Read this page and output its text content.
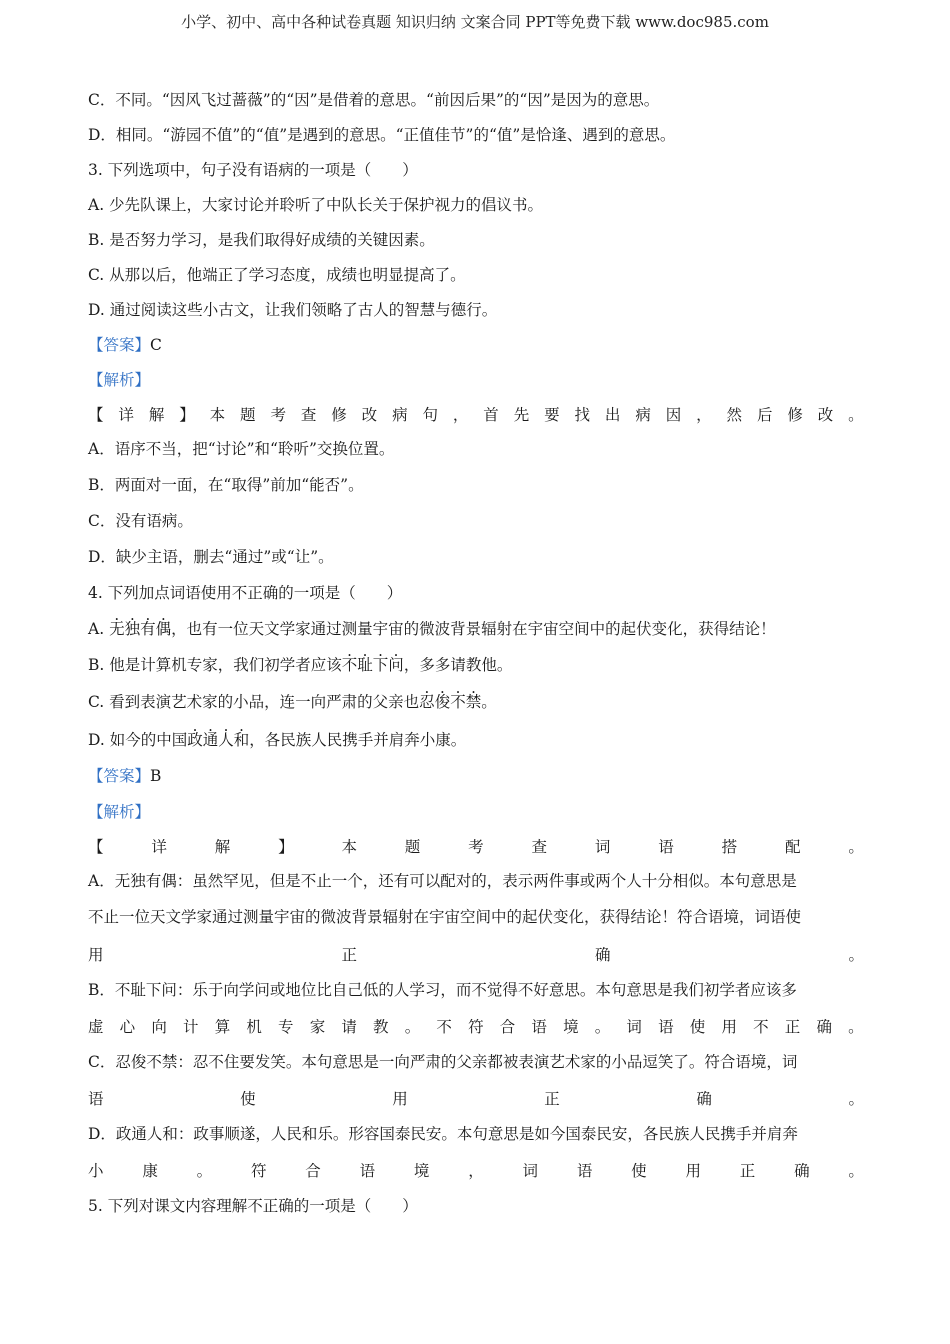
小学、初中、高中各种试卷真题 知识归纳 文案合同 PPT等免费下载 www.doc985.com
C．不同。“因风飞过蔷薇”的“因”是借着的意思。“前因后果”的“因”是因为的意思。
D．相同。“游园不值”的“值”是遇到的意思。“正值佳节”的“值”是恰逢、遇到的意思。
3. 下列选项中，句子没有语病的一项是（　　）
A. 少先队课上，大家讨论并聆听了中队长关于保护视力的倡议书。
B. 是否努力学习，是我们取得好成绩的关键因素。
C. 从那以后，他端正了学习态度，成绩也明显提高了。
D. 通过阅读这些小古文，让我们领略了古人的智慧与德行。
【答案】C
【解析】
【 详 解 】 本 题 考 查 修 改 病 句 ， 首 先 要 找 出 病 因 ， 然 后 修 改 。
A．语序不当，把“讨论”和“聆听”交换位置。
B．两面对一面，在“取得”前加“能否”。
C．没有语病。
D．缺少主语，删去“通过”或“让”。
4. 下列加点词语使用不正确的一项是（　　）
A. 无独有偶，也有一位天文学家通过测量宇宙的微波背景辐射在宇宙空间中的起伏变化，获得结论！
B. 他是计算机专家，我们初学者应该不耻下问，多多请教他。
C. 看到表演艺术家的小品，连一向严肃的父亲也忍俊不禁。
D. 如今的中国政通人和，各民族人民携手并肩奔小康。
【答案】B
【解析】
【	详	解	】	本	题	考	查	词	语	搭	配	。
A．无独有偶：虽然罕见，但是不止一个，还有可以配对的，表示两件事或两个人十分相似。本句意思是
不止一位天文学家通过测量宇宙的微波背景辐射在宇宙空间中的起伏变化，获得结论！符合语境，词语使
用	正	确	。
B．不耻下问：乐于向学问或地位比自己低的人学习，而不觉得不好意思。本句意思是我们初学者应该多
虚 心 向 计 算 机 专 家 请 教 。 不 符 合 语 境 。 词 语 使 用 不 正 确 。
C．忍俊不禁：忍不住要发笑。本句意思是一向严肃的父亲都被表演艺术家的小品逗笑了。符合语境，词
语	使	用	正	确	。
D．政通人和：政事顺遂，人民和乐。形容国泰民安。本句意思是如今国泰民安，各民族人民携手并肩奔
小	康	。	符	合	语	境	，	词	语	使	用	正	确	。
5. 下列对课文内容理解不正确的一项是（　　）
